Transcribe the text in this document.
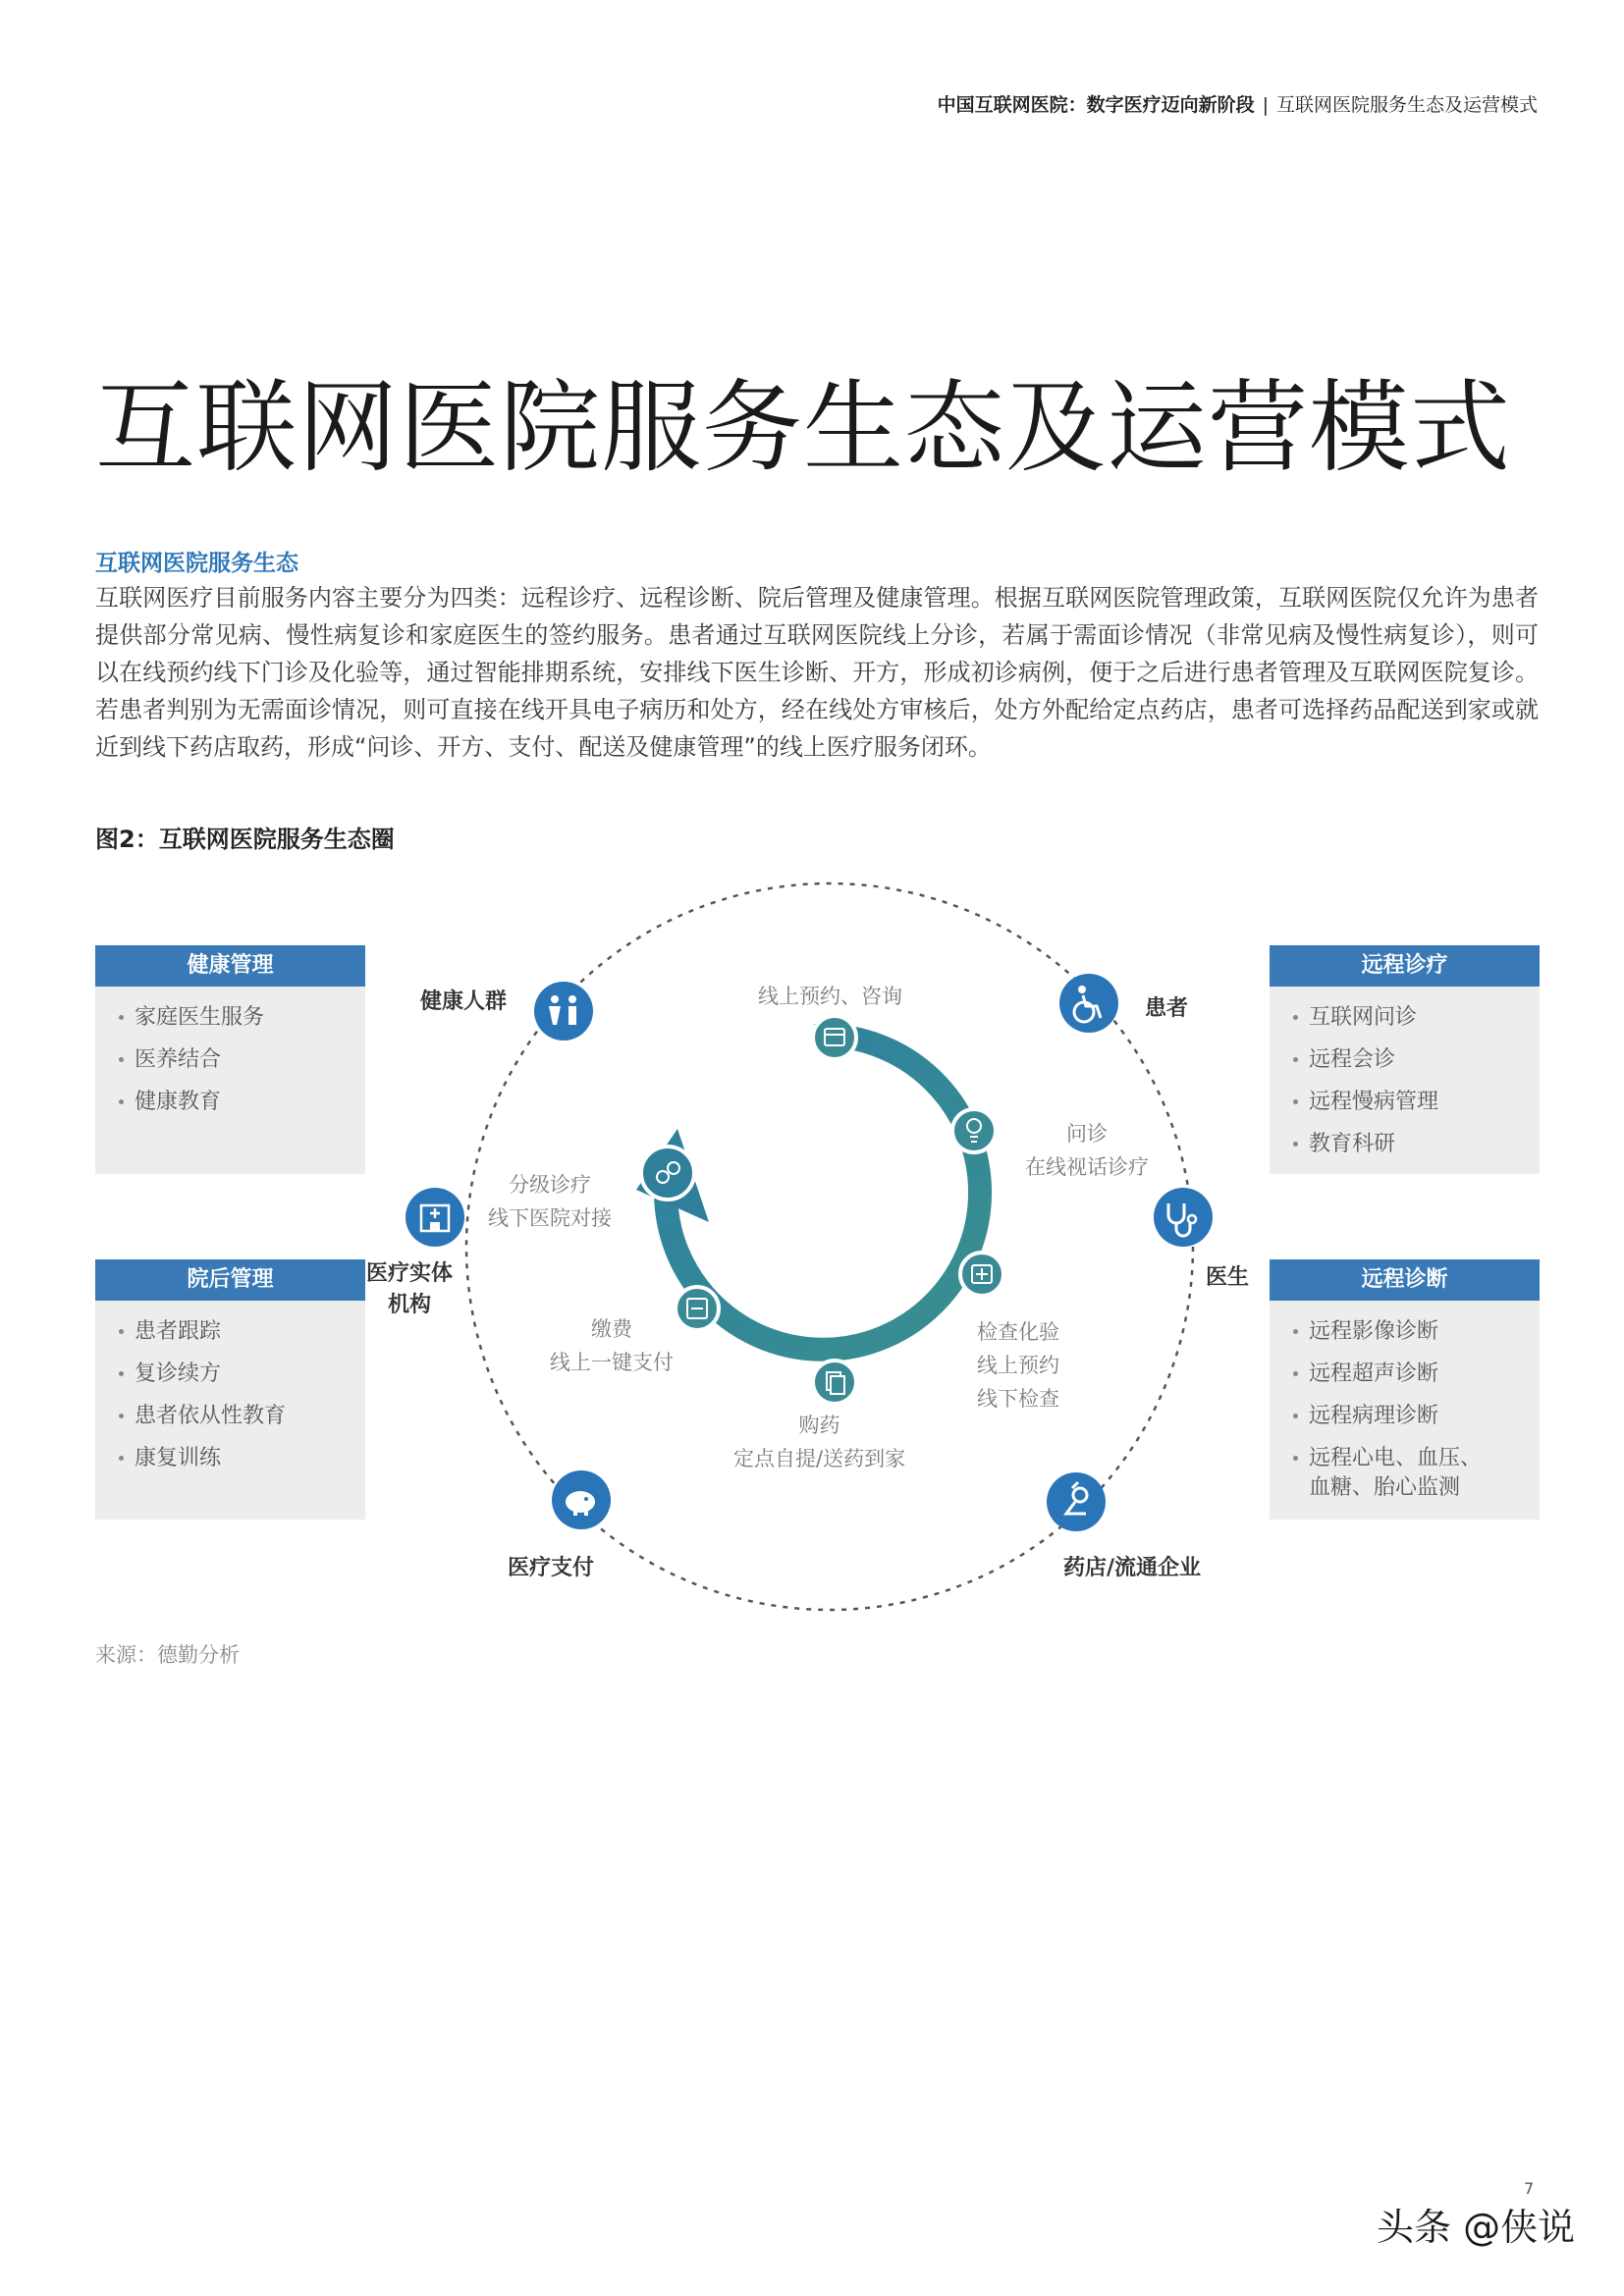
中国互联网医院：数字医疗迈向新阶段 | 互联网医院服务生态及运营模式
互联网医院服务生态及运营模式
互联网医院服务生态

互联网医疗目前服务内容主要分为四类：远程诊疗、远程诊断、院后管理及健康管理。根据互联网医院管理政策，互联网医院仅允许为患者提供部分常见病、慢性病复诊和家庭医生的签约服务。患者通过互联网医院线上分诊，若属于需面诊情况（非常见病及慢性病复诊），则可以在线预约线下门诊及化验等，通过智能排期系统，安排线下医生诊断、开方，形成初诊病例，便于之后进行患者管理及互联网医院复诊。若患者判别为无需面诊情况，则可直接在线开具电子病历和处方，经在线处方审核后，处方外配给定点药店，患者可选择药品配送到家或就近到线下药店取药，形成“问诊、开方、支付、配送及健康管理”的线上医疗服务闭环。

图2：互联网医院服务生态圈
健康管理
家庭医生服务
医养结合
健康教育
院后管理
患者跟踪
复诊续方
患者依从性教育
康复训练
远程诊疗
互联网问诊
远程会诊
远程慢病管理
教育科研
远程诊断
远程影像诊断
远程超声诊断
远程病理诊断
远程心电、血压、
血糖、胎心监测
健康人群	患者
医疗实体
机构
医生
医疗支付	药店/流通企业
线上预约、咨询
问诊
在线视话诊疗
检查化验
线上预约
线下检查
购药
定点自提/送药到家
缴费
线上一键支付
分级诊疗
线下医院对接
来源：德勤分析
7
头条 @侠说
